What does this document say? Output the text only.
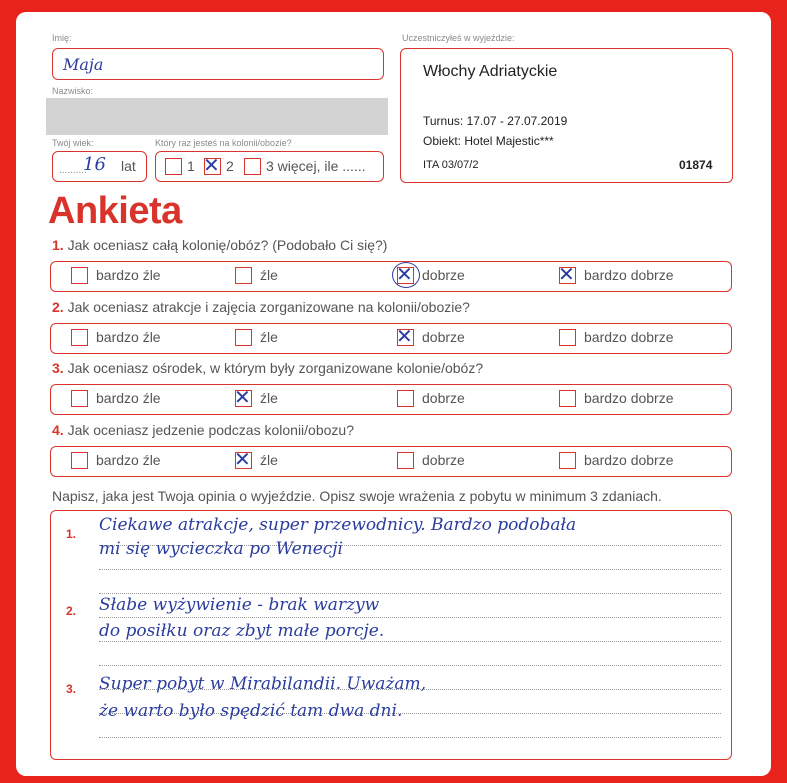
Imię:
Maja
Nazwisko:
Twój wiek:
..........
16 lat
Który raz jesteś na kolonii/obozie?
1 ✕ 2 3 więcej, ile ......
Uczestniczyłeś w wyjeździe:
Włochy Adriatyckie
Turnus: 17.07 - 27.07.2019
Obiekt: Hotel Majestic***
ITA 03/07/2	01874
Ankieta
1. Jak oceniasz całą kolonię/obóz? (Podobało Ci się?)
bardzo źle	źle	✕ dobrze	✕ bardzo dobrze
2. Jak oceniasz atrakcje i zajęcia zorganizowane na kolonii/obozie?
bardzo źle	źle	✕ dobrze	bardzo dobrze
3. Jak oceniasz ośrodek, w którym były zorganizowane kolonie/obóz?
bardzo źle	✕ źle	dobrze	bardzo dobrze
4. Jak oceniasz jedzenie podczas kolonii/obozu?
bardzo źle	✕ źle	dobrze	bardzo dobrze
Napisz, jaka jest Twoja opinia o wyjeździe. Opisz swoje wrażenia z pobytu w minimum 3 zdaniach.
1. Ciekawe atrakcje, super przewodnicy. Bardzo podobała
mi się wycieczka po Wenecji
2. Słabe wyżywienie - brak warzyw
do posiłku oraz zbyt małe porcje.
3. Super pobyt w Mirabilandii. Uważam,
że warto było spędzić tam dwa dni.
